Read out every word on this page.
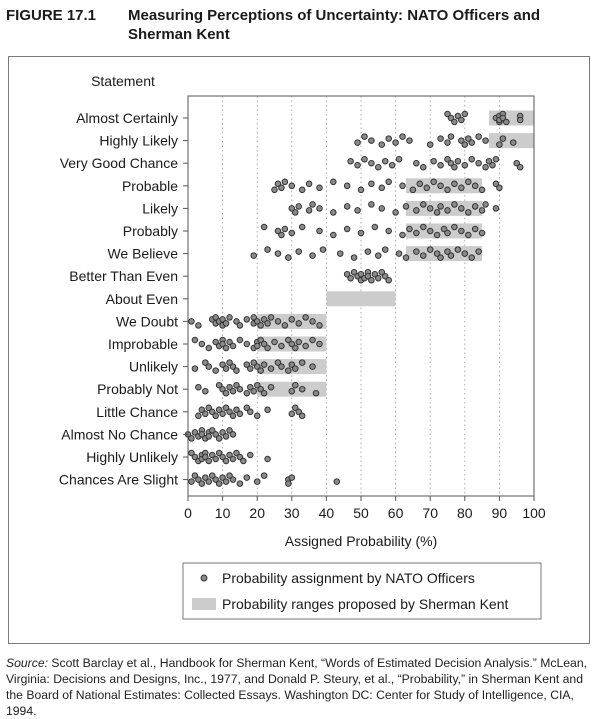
FIGURE 17.1 Measuring Perceptions of Uncertainty: NATO Officers and
Sherman Kent
Statement
Almost Certainly
Highly Likely
Very Good Chance
Probable
Likely
Probably
We Believe
Better Than Even
About Even
We Doubt
Improbable
Unlikely
Probably Not
Little Chance
Almost No Chance
Highly Unlikely
Chances Are Slight
0 10 20 30 40 50 60 70 80 90 100
Assigned Probability (%)
Probability assignment by NATO Officers
Probability ranges proposed by Sherman Kent
Source: Scott Barclay et al., Handbook for Sherman Kent, “Words of Estimated Decision Analysis.” McLean, Virginia: Decisions and Designs, Inc., 1977, and Donald P. Steury, et al., “Probability,” in Sherman Kent and the Board of National Estimates: Collected Essays. Washington DC: Center for Study of Intelligence, CIA, 1994.
